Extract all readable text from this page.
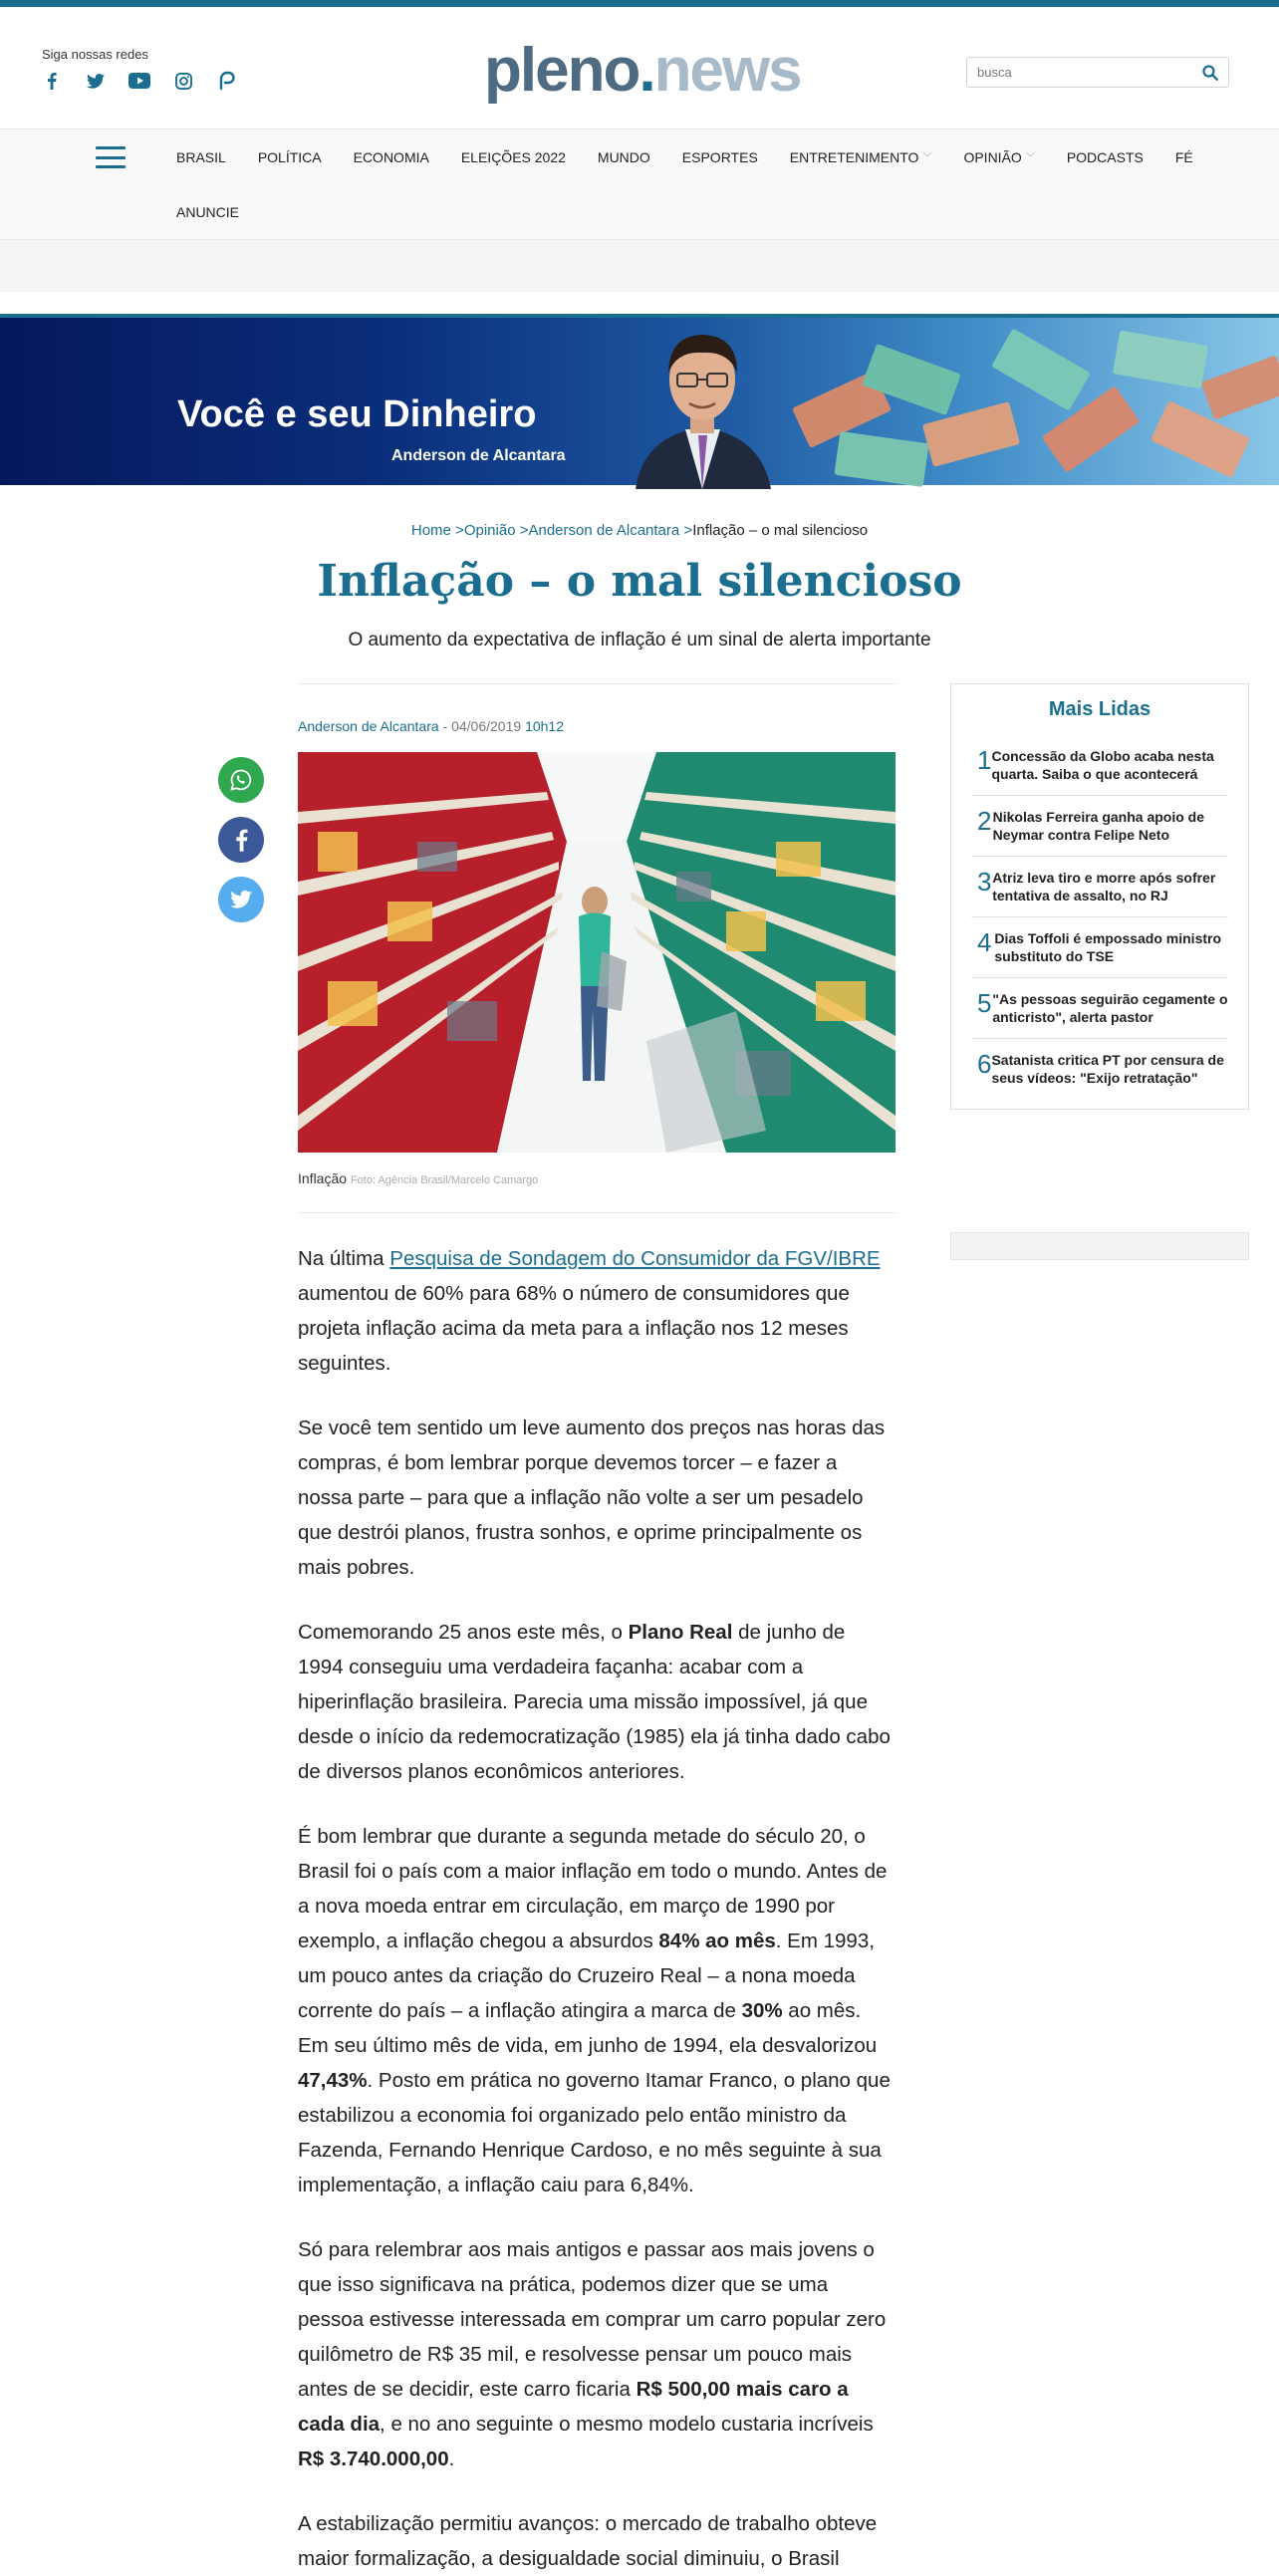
Siga nossas redes	pleno.news
busca
BRASIL POLÍTICA ECONOMIA ELEIÇÕES 2022 MUNDO ESPORTES ENTRETENIMENTO ﹀ OPINIÃO ﹀ PODCASTS FÉ
ANUNCIE
Você e seu Dinheiro
Anderson de Alcantara
Home >Opinião >Anderson de Alcantara >Inflação – o mal silencioso
Inflação – o mal silencioso
O aumento da expectativa de inflação é um sinal de alerta importante
Anderson de Alcantara - 04/06/2019 10h12
Inflação Foto: Agência Brasil/Marcelo Camargo

Na última Pesquisa de Sondagem do Consumidor da FGV/IBRE aumentou de 60% para 68% o número de consumidores que projeta inflação acima da meta para a inflação nos 12 meses seguintes.

Se você tem sentido um leve aumento dos preços nas horas das compras, é bom lembrar porque devemos torcer – e fazer a nossa parte – para que a inflação não volte a ser um pesadelo que destrói planos, frustra sonhos, e oprime principalmente os mais pobres.

Comemorando 25 anos este mês, o Plano Real de junho de 1994 conseguiu uma verdadeira façanha: acabar com a hiperinflação brasileira. Parecia uma missão impossível, já que desde o início da redemocratização (1985) ela já tinha dado cabo de diversos planos econômicos anteriores.

É bom lembrar que durante a segunda metade do século 20, o Brasil foi o país com a maior inflação em todo o mundo. Antes de a nova moeda entrar em circulação, em março de 1990 por exemplo, a inflação chegou a absurdos 84% ao mês. Em 1993, um pouco antes da criação do Cruzeiro Real – a nona moeda corrente do país – a inflação atingira a marca de 30% ao mês. Em seu último mês de vida, em junho de 1994, ela desvalorizou 47,43%. Posto em prática no governo Itamar Franco, o plano que estabilizou a economia foi organizado pelo então ministro da Fazenda, Fernando Henrique Cardoso, e no mês seguinte à sua implementação, a inflação caiu para 6,84%.

Só para relembrar aos mais antigos e passar aos mais jovens o que isso significava na prática, podemos dizer que se uma pessoa estivesse interessada em comprar um carro popular zero quilômetro de R$ 35 mil, e resolvesse pensar um pouco mais antes de se decidir, este carro ficaria R$ 500,00 mais caro a cada dia, e no ano seguinte o mesmo modelo custaria incríveis R$ 3.740.000,00.

A estabilização permitiu avanços: o mercado de trabalho obteve maior formalização, a desigualdade social diminuiu, o Brasil

Mais Lidas
1 Concessão da Globo acaba nesta quarta. Saiba o que acontecerá
2 Nikolas Ferreira ganha apoio de Neymar contra Felipe Neto
3 Atriz leva tiro e morre após sofrer tentativa de assalto, no RJ
4 Dias Toffoli é empossado ministro substituto do TSE
5 "As pessoas seguirão cegamente o anticristo", alerta pastor
6 Satanista critica PT por censura de seus vídeos: "Exijo retratação"
